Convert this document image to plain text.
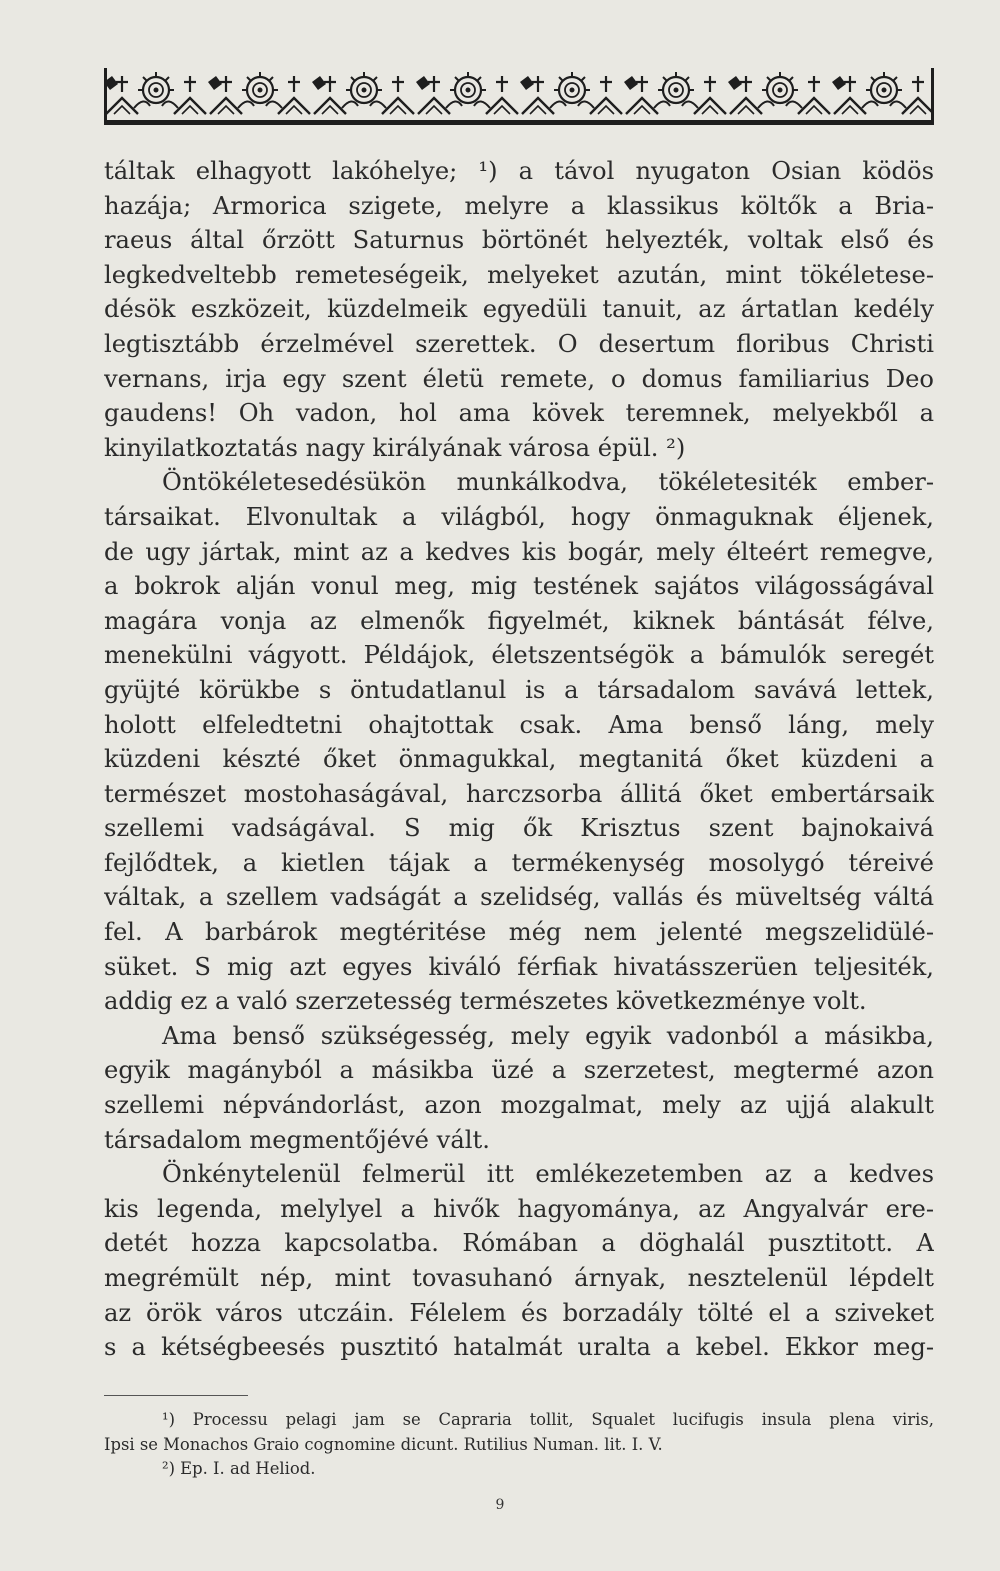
táltak elhagyott lakóhelye; ¹) a távol nyugaton Osian ködös
hazája; Armorica szigete, melyre a klassikus költők a Bria-
raeus által őrzött Saturnus börtönét helyezték, voltak első és
legkedveltebb remeteségeik, melyeket azután, mint tökéletese-
désök eszközeit, küzdelmeik egyedüli tanuit, az ártatlan kedély
legtisztább érzelmével szerettek. O desertum floribus Christi
vernans, irja egy szent életü remete, o domus familiarius Deo
gaudens! Oh vadon, hol ama kövek teremnek, melyekből a
kinyilatkoztatás nagy királyának városa épül. ²)
Öntökéletesedésükön munkálkodva, tökéletesiték ember-
társaikat. Elvonultak a világból, hogy önmaguknak éljenek,
de ugy jártak, mint az a kedves kis bogár, mely élteért remegve,
a bokrok alján vonul meg, mig testének sajátos világosságával
magára vonja az elmenők figyelmét, kiknek bántását félve,
menekülni vágyott. Példájok, életszentségök a bámulók seregét
gyüjté körükbe s öntudatlanul is a társadalom savává lettek,
holott elfeledtetni ohajtottak csak. Ama benső láng, mely
küzdeni készté őket önmagukkal, megtanitá őket küzdeni a
természet mostohaságával, harczsorba állitá őket embertársaik
szellemi vadságával. S mig ők Krisztus szent bajnokaivá
fejlődtek, a kietlen tájak a termékenység mosolygó téreivé
váltak, a szellem vadságát a szelidség, vallás és müveltség váltá
fel. A barbárok megtéritése még nem jelenté megszelidülé-
süket. S mig azt egyes kiváló férfiak hivatásszerüen teljesiték,
addig ez a való szerzetesség természetes következménye volt.
Ama benső szükségesség, mely egyik vadonból a másikba,
egyik magányból a másikba üzé a szerzetest, megtermé azon
szellemi népvándorlást, azon mozgalmat, mely az ujjá alakult
társadalom megmentőjévé vált.
Önkénytelenül felmerül itt emlékezetemben az a kedves
kis legenda, melylyel a hivők hagyománya, az Angyalvár ere-
detét hozza kapcsolatba. Rómában a döghalál pusztitott. A
megrémült nép, mint tovasuhanó árnyak, nesztelenül lépdelt
az örök város utczáin. Félelem és borzadály tölté el a sziveket
s a kétségbeesés pusztitó hatalmát uralta a kebel. Ekkor meg-
¹) Processu pelagi jam se Capraria tollit, Squalet lucifugis insula plena viris,
Ipsi se Monachos Graio cognomine dicunt. Rutilius Numan. lit. I. V.
²) Ep. I. ad Heliod.
9
